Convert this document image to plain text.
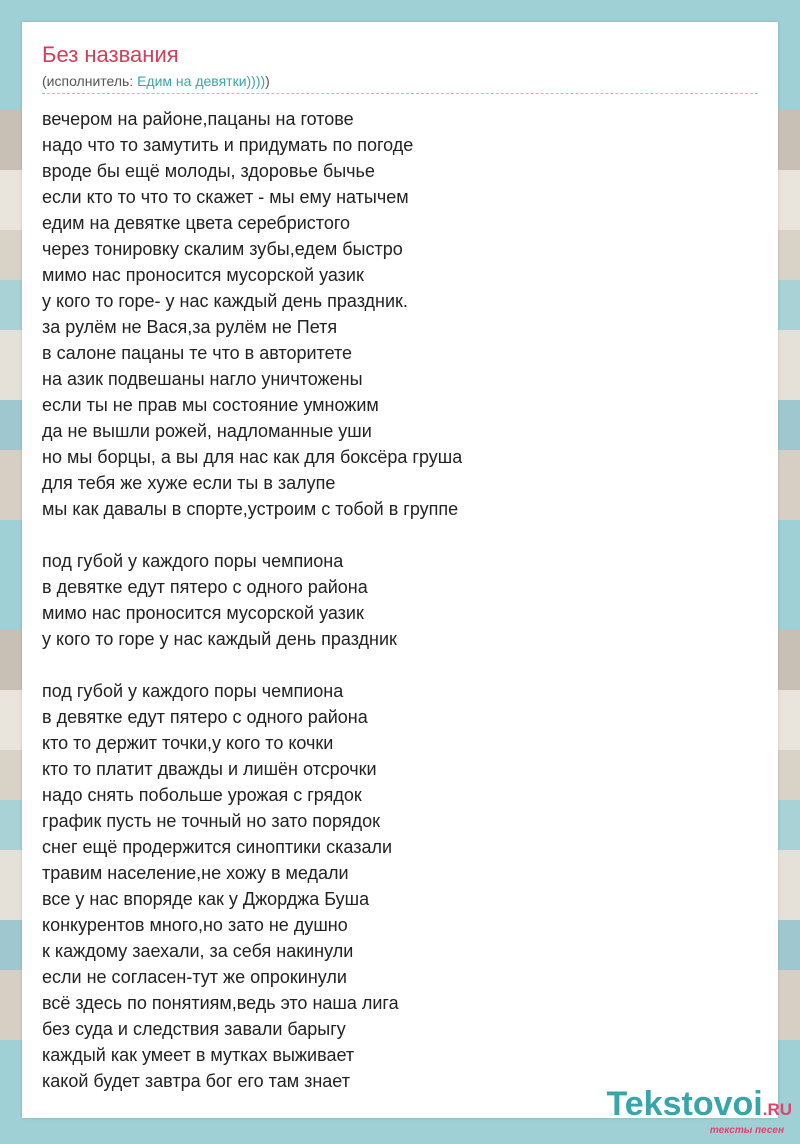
Без названия
(исполнитель: Едим на девятки)))))
вечером на районе,пацаны на готове
надо что то замутить и придумать по погоде
вроде бы ещё молоды, здоровье бычье
если кто то что то скажет - мы ему натычем
едим на девятке цвета серебристого
через тонировку скалим зубы,едем быстро
мимо нас проносится мусорской уазик
у кого то горе- у нас каждый день праздник.
за рулём не Вася,за рулём не Петя
в салоне пацаны те что в авторитете
на азик подвешаны нагло уничтожены
если ты не прав мы состояние умножим
да не вышли рожей, надломанные уши
но мы борцы, а вы для нас как для боксёра груша
для тебя же хуже если ты в залупе
мы как давалы в спорте,устроим с тобой в группе
под губой у каждого поры чемпиона
в девятке едут пятеро с одного района
мимо нас проносится мусорской уазик
у кого то горе у нас каждый день праздник
под губой у каждого поры чемпиона
в девятке едут пятеро с одного района
кто то держит точки,у кого то кочки
кто то платит дважды и лишён отсрочки
надо снять побольше урожая с грядок
график пусть не точный но зато порядок
снег ещё продержится синоптики сказали
травим население,не хожу в медали
все у нас впоряде как у Джорджа Буша
конкурентов много,но зато не душно
к каждому заехали, за себя накинули
если не согласен-тут же опрокинули
всё здесь по понятиям,ведь это наша лига
без суда и следствия завали барыгу
каждый как умеет в мутках выживает
какой будет завтра бог его там знает
Tekstovoi.RU
тексты песен
